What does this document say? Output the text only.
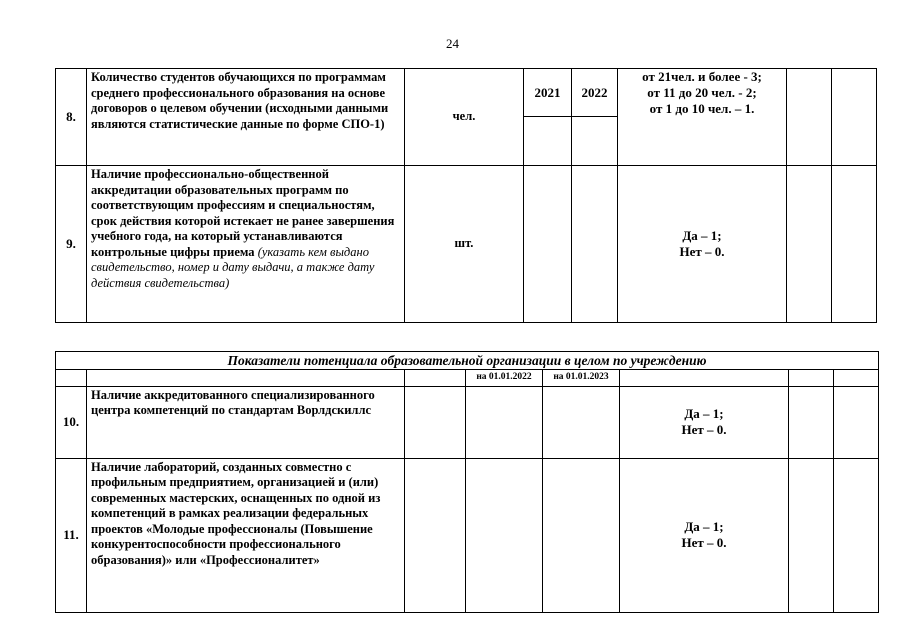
24
8.	Количество студентов обучающихся по программам среднего профессионального образования на основе договоров о целевом обучении (исходными данными являются статистические данные по форме СПО-1)	чел.	2021	2022	от 21чел. и более - 3;
от 11 до 20 чел. - 2;
от 1 до 10 чел. – 1.		

9.	Наличие профессионально-общественной аккредитации образовательных программ по соответствующим профессиям и специальностям, срок действия которой истекает не ранее завершения учебного года, на который устанавливаются контрольные цифры приема (указать кем выдано свидетельство, номер и дату выдачи, а также дату действия свидетельства)	шт.			Да – 1;
Нет – 0.		

Показатели потенциала образовательной организации в целом по учреждению							
			на 01.01.2022	на 01.01.2023			
10.	Наличие аккредитованного специализированного центра компетенций по стандартам Ворлдскиллс				Да – 1;
Нет – 0.		

11.	Наличие лабораторий, созданных совместно с профильным предприятием, организацией и (или) современных мастерских, оснащенных по одной из компетенций в рамках реализации федеральных проектов «Молодые профессионалы (Повышение конкурентоспособности профессионального образования)» или «Профессионалитет»				Да – 1;
Нет – 0.		
